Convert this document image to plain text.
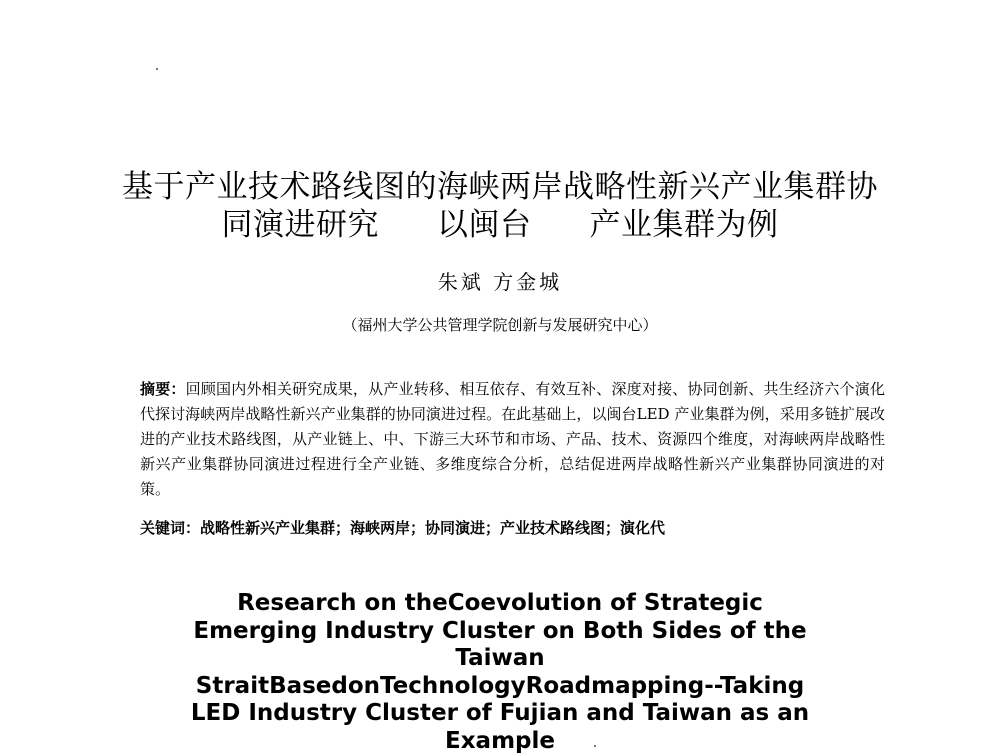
基于产业技术路线图的海峡两岸战略性新兴产业集群协
同演进研究 以闽台 产业集群为例
朱斌 方金城
（福州大学公共管理学院创新与发展研究中心）
摘要：回顾国内外相关研究成果，从产业转移、相互依存、有效互补、深度对接、协同创新、共生经济六个演化代探讨海峡两岸战略性新兴产业集群的协同演进过程。在此基础上，以闽台LED 产业集群为例，采用多链扩展改进的产业技术路线图，从产业链上、中、下游三大环节和市场、产品、技术、资源四个维度，对海峡两岸战略性新兴产业集群协同演进过程进行全产业链、多维度综合分析，总结促进两岸战略性新兴产业集群协同演进的对策。
关键词：战略性新兴产业集群；海峡两岸；协同演进；产业技术路线图；演化代
Research on theCoevolution of Strategic
Emerging Industry Cluster on Both Sides of the
Taiwan
StraitBasedonTechnologyRoadmapping--Taking
LED Industry Cluster of Fujian and Taiwan as an
Example
